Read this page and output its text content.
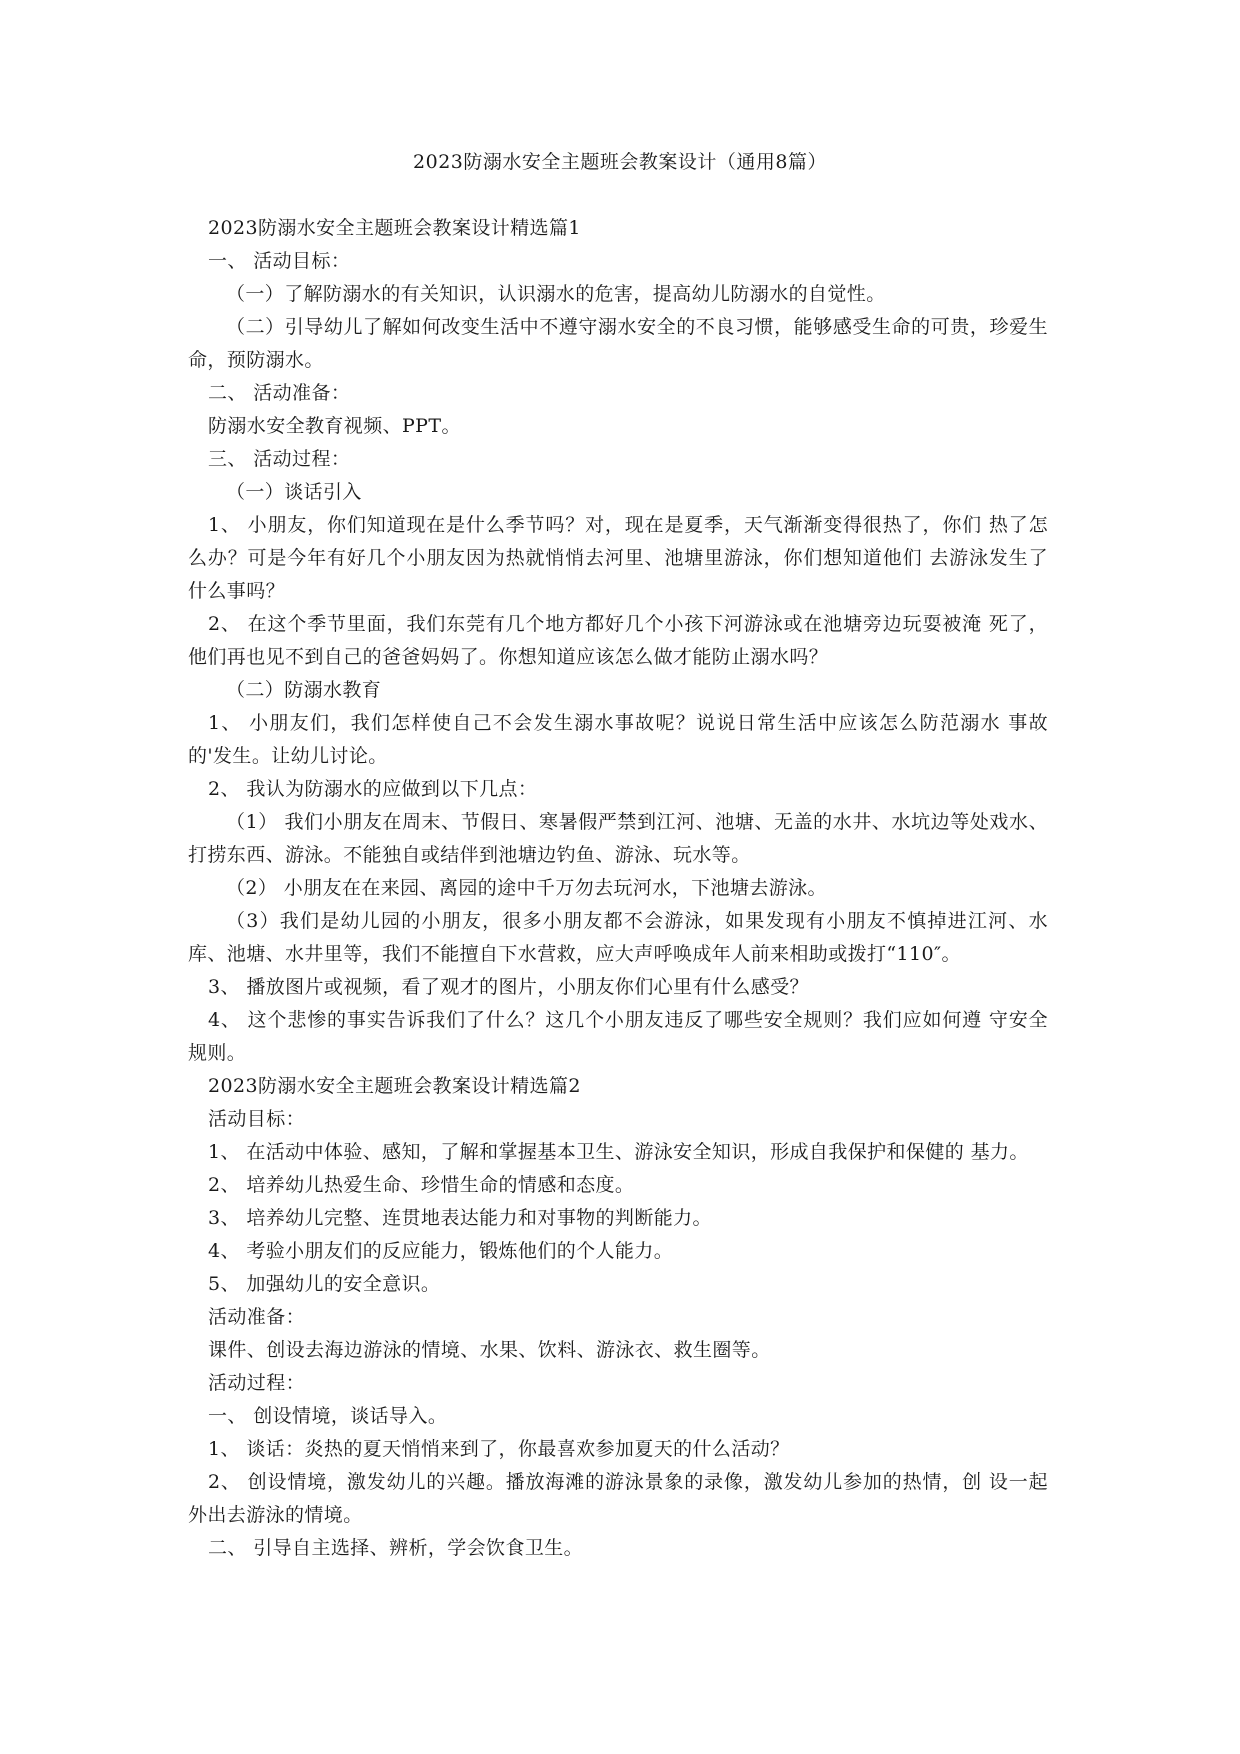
2023防溺水安全主题班会教案设计（通用8篇）

2023防溺水安全主题班会教案设计精选篇1

一、 活动目标：

（一）了解防溺水的有关知识，认识溺水的危害，提高幼儿防溺水的自觉性。

（二）引导幼儿了解如何改变生活中不遵守溺水安全的不良习惯，能够感受生命的可贵，珍爱生命，预防溺水。

二、 活动准备：

防溺水安全教育视频、PPT。

三、 活动过程：

（一）谈话引入

1、 小朋友，你们知道现在是什么季节吗？对，现在是夏季，天气渐渐变得很热了，你们 热了怎么办？可是今年有好几个小朋友因为热就悄悄去河里、池塘里游泳，你们想知道他们 去游泳发生了什么事吗？

2、 在这个季节里面，我们东莞有几个地方都好几个小孩下河游泳或在池塘旁边玩耍被淹 死了，他们再也见不到自己的爸爸妈妈了。你想知道应该怎么做才能防止溺水吗？

（二）防溺水教育

1、 小朋友们，我们怎样使自己不会发生溺水事故呢？说说日常生活中应该怎么防范溺水 事故的'发生。让幼儿讨论。

2、 我认为防溺水的应做到以下几点：

（1） 我们小朋友在周末、节假日、寒暑假严禁到江河、池塘、无盖的水井、水坑边等处戏水、打捞东西、游泳。不能独自或结伴到池塘边钓鱼、游泳、玩水等。

（2） 小朋友在在来园、离园的途中千万勿去玩河水，下池塘去游泳。

（3）我们是幼儿园的小朋友，很多小朋友都不会游泳，如果发现有小朋友不慎掉进江河、水库、池塘、水井里等，我们不能擅自下水营救，应大声呼唤成年人前来相助或拨打“110″。

3、 播放图片或视频，看了观才的图片，小朋友你们心里有什么感受？

4、 这个悲惨的事实告诉我们了什么？这几个小朋友违反了哪些安全规则？我们应如何遵 守安全规则。

2023防溺水安全主题班会教案设计精选篇2

活动目标：

1、 在活动中体验、感知，了解和掌握基本卫生、游泳安全知识，形成自我保护和保健的 基力。

2、 培养幼儿热爱生命、珍惜生命的情感和态度。

3、 培养幼儿完整、连贯地表达能力和对事物的判断能力。

4、 考验小朋友们的反应能力，锻炼他们的个人能力。

5、 加强幼儿的安全意识。

活动准备：

课件、创设去海边游泳的情境、水果、饮料、游泳衣、救生圈等。

活动过程：

一、 创设情境，谈话导入。

1、 谈话：炎热的夏天悄悄来到了，你最喜欢参加夏天的什么活动？

2、 创设情境，激发幼儿的兴趣。播放海滩的游泳景象的录像，激发幼儿参加的热情，创 设一起外出去游泳的情境。

二、 引导自主选择、辨析，学会饮食卫生。
